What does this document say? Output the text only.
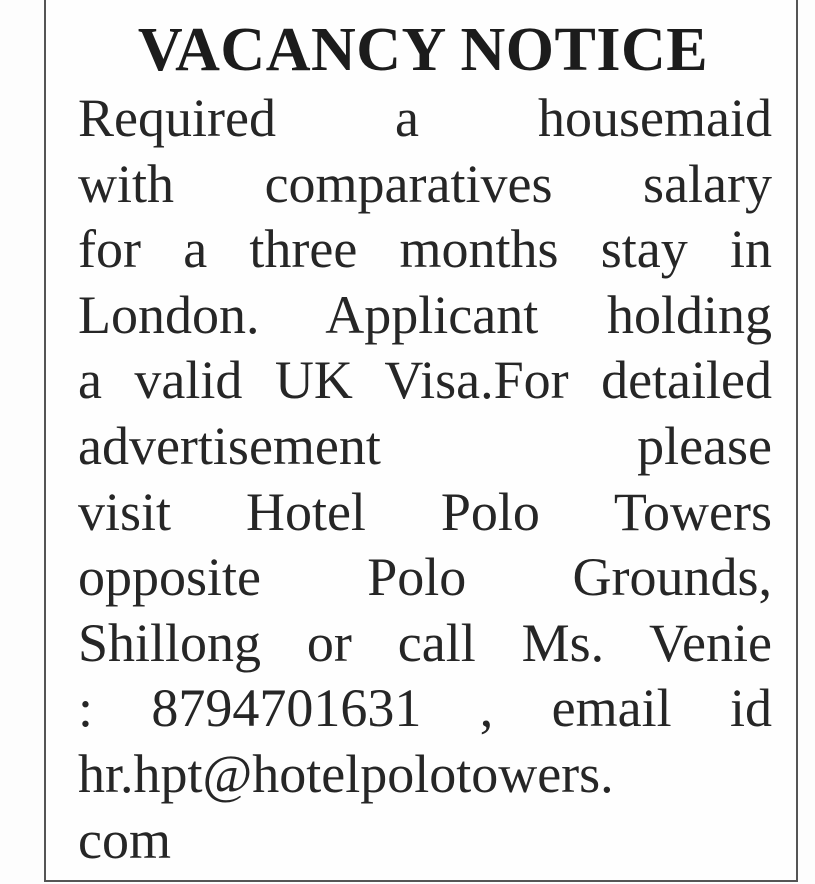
VACANCY NOTICE
Required a housemaid
with comparatives salary
for a three months stay in
London. Applicant holding
a valid UK Visa.For detailed
advertisement please
visit Hotel Polo Towers
opposite Polo Grounds,
Shillong or call Ms. Venie
: 8794701631 , email id
hr.hpt@hotelpolotowers.
com
